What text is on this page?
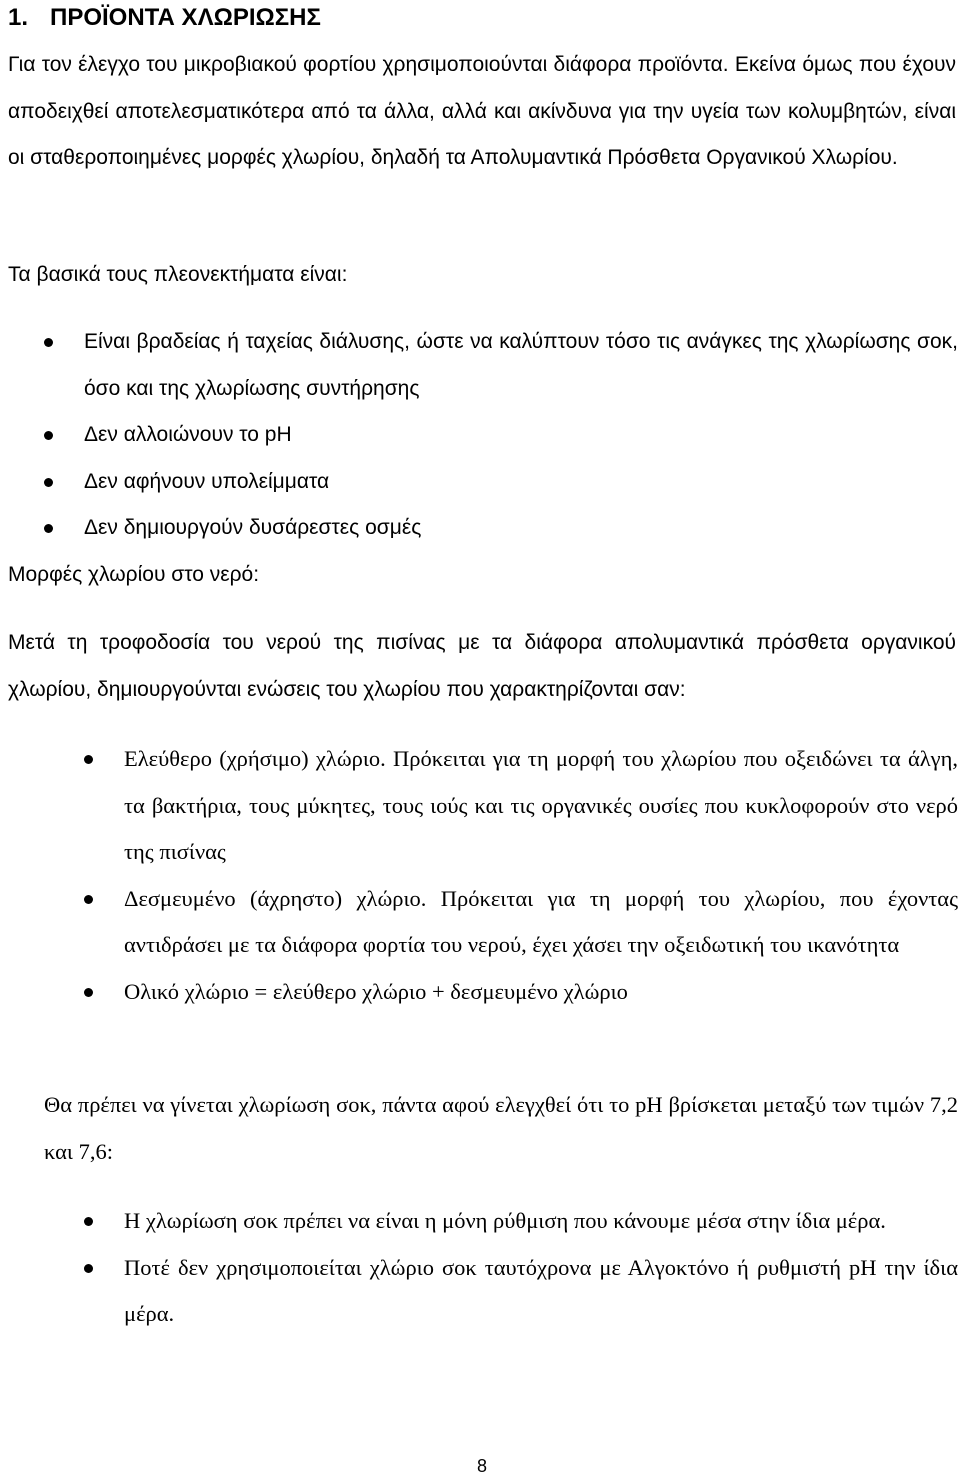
1. ΠΡΟΪΟΝΤΑ ΧΛΩΡΙΩΣΗΣ

Για τον έλεγχο του μικροβιακού φορτίου χρησιμοποιούνται διάφορα προϊόντα. Εκείνα όμως που έχουν αποδειχθεί αποτελεσματικότερα από τα άλλα, αλλά και ακίνδυνα για την υγεία των κολυμβητών, είναι οι σταθεροποιημένες μορφές χλωρίου, δηλαδή τα Απολυμαντικά Πρόσθετα Οργανικού Χλωρίου.

Τα βασικά τους πλεονεκτήματα είναι:

Είναι βραδείας ή ταχείας διάλυσης, ώστε να καλύπτουν τόσο τις ανάγκες της χλωρίωσης σοκ, όσο και της χλωρίωσης συντήρησης
Δεν αλλοιώνουν το pH
Δεν αφήνουν υπολείμματα
Δεν δημιουργούν δυσάρεστες οσμές

Μορφές χλωρίου στο νερό:

Μετά τη τροφοδοσία του νερού της πισίνας με τα διάφορα απολυμαντικά πρόσθετα οργανικού χλωρίου, δημιουργούνται ενώσεις του χλωρίου που χαρακτηρίζονται σαν:

Ελεύθερο (χρήσιμο) χλώριο. Πρόκειται για τη μορφή του χλωρίου που οξειδώνει τα άλγη, τα βακτήρια, τους μύκητες, τους ιούς και τις οργανικές ουσίες που κυκλοφορούν στο νερό της πισίνας
Δεσμευμένο (άχρηστο) χλώριο. Πρόκειται για τη μορφή του χλωρίου, που έχοντας αντιδράσει με τα διάφορα φορτία του νερού, έχει χάσει την οξειδωτική του ικανότητα
Ολικό χλώριο = ελεύθερο χλώριο + δεσμευμένο χλώριο

Θα πρέπει να γίνεται χλωρίωση σοκ, πάντα αφού ελεγχθεί ότι το pH βρίσκεται μεταξύ των τιμών 7,2 και 7,6:

Η χλωρίωση σοκ πρέπει να είναι η μόνη ρύθμιση που κάνουμε μέσα στην ίδια μέρα.
Ποτέ δεν χρησιμοποιείται χλώριο σοκ ταυτόχρονα με Αλγοκτόνο ή ρυθμιστή pH την ίδια μέρα.
8
